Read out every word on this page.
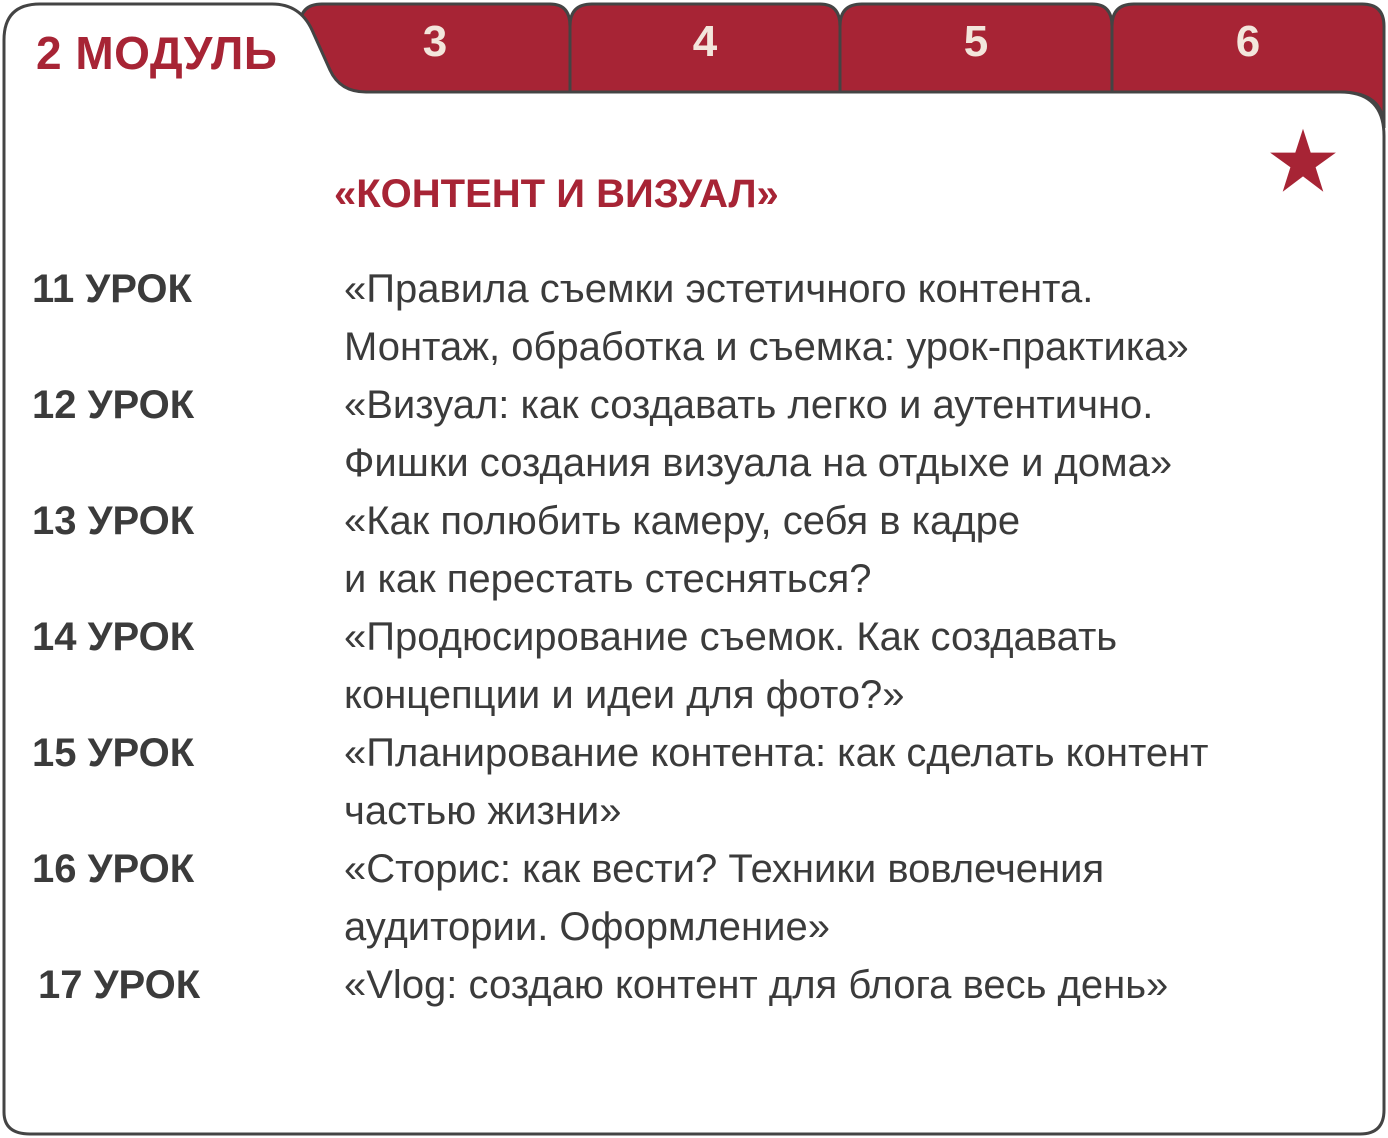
2 МОДУЛЬ	3	4	5	6
«КОНТЕНТ И ВИЗУАЛ»
11 УРОК	«Правила съемки эстетичного контента.
Монтаж, обработка и съемка: урок-практика»
12 УРОК	«Визуал: как создавать легко и аутентично.
Фишки создания визуала на отдыхе и дома»
13 УРОК	«Как полюбить камеру, себя в кадре
и как перестать стесняться?
14 УРОК	«Продюсирование съемок. Как создавать
концепции и идеи для фото?»
15 УРОК	«Планирование контента: как сделать контент
частью жизни»
16 УРОК	«Сторис: как вести? Техники вовлечения
аудитории. Оформление»
17 УРОК	«Vlog: создаю контент для блога весь день»
